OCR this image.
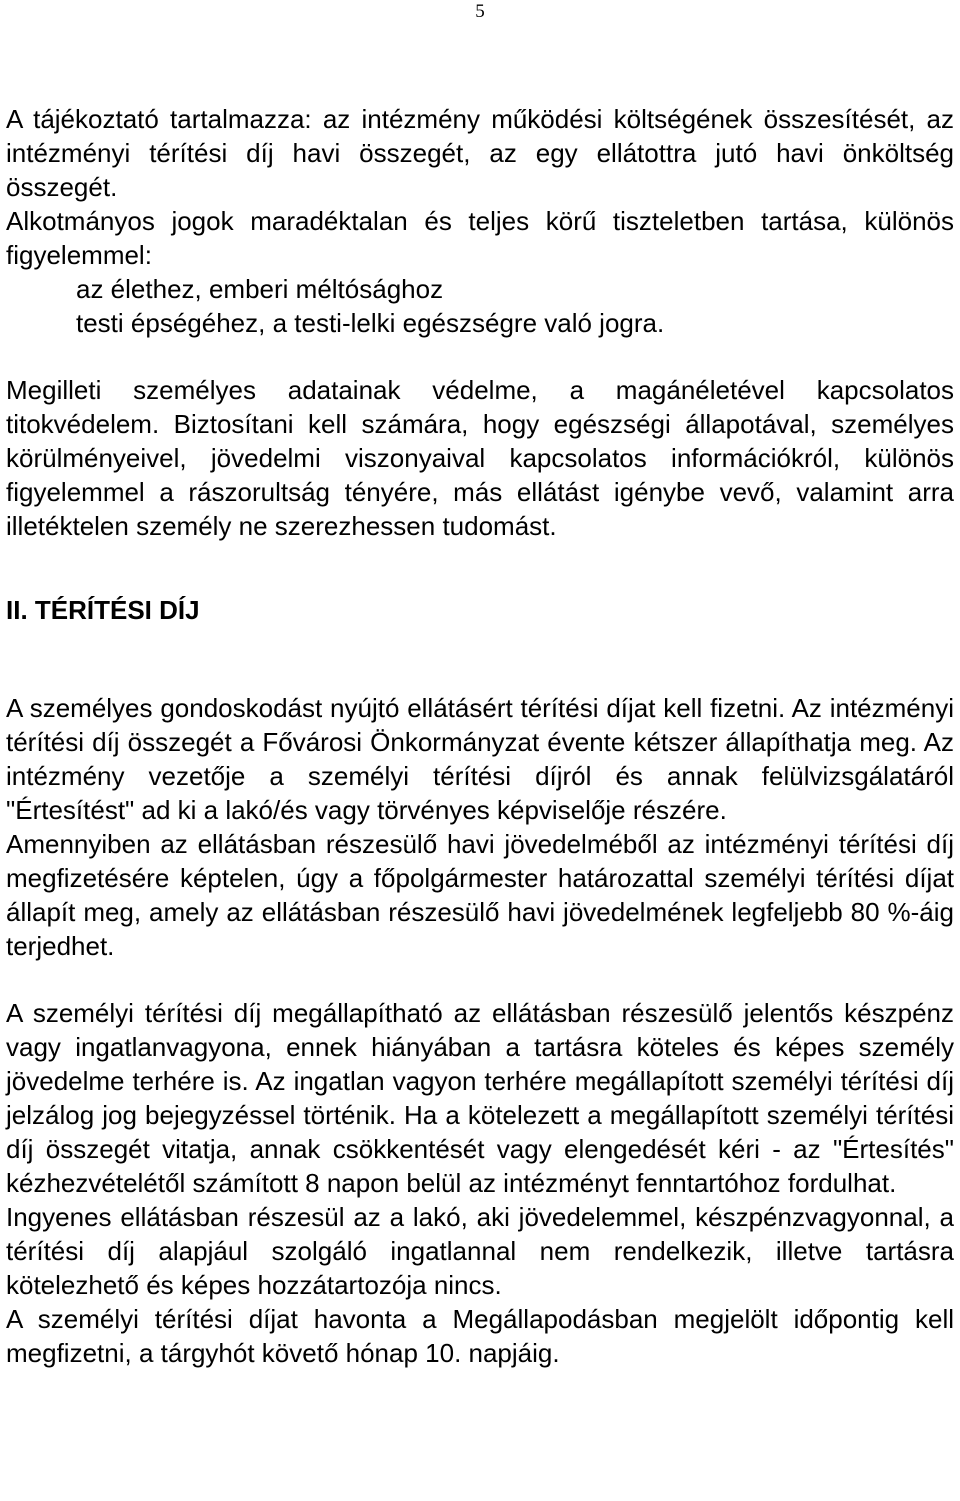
5

A tájékoztató tartalmazza: az intézmény működési költségének összesítését, az intézményi térítési díj havi összegét, az egy ellátottra jutó havi önköltség összegét.

Alkotmányos jogok maradéktalan és teljes körű tiszteletben tartása, különös figyelemmel:

az élethez, emberi méltósághoz

testi épségéhez, a testi-lelki egészségre való jogra.

Megilleti személyes adatainak védelme, a magánéletével kapcsolatos titokvédelem. Biztosítani kell számára, hogy egészségi állapotával, személyes körülményeivel, jövedelmi viszonyaival kapcsolatos információkról, különös figyelemmel a rászorultság tényére, más ellátást igénybe vevő, valamint arra illetéktelen személy ne szerezhessen tudomást.

II. TÉRÍTÉSI DÍJ

A személyes gondoskodást nyújtó ellátásért térítési díjat kell fizetni. Az intézményi térítési díj összegét a Fővárosi Önkormányzat évente kétszer állapíthatja meg. Az intézmény vezetője a személyi térítési díjról és annak felülvizsgálatáról "Értesítést" ad ki a lakó/és vagy törvényes képviselője részére.

Amennyiben az ellátásban részesülő havi jövedelméből az intézményi térítési díj megfizetésére képtelen, úgy a főpolgármester határozattal személyi térítési díjat állapít meg, amely az ellátásban részesülő havi jövedelmének legfeljebb 80 %-áig terjedhet.

A személyi térítési díj megállapítható az ellátásban részesülő jelentős készpénz vagy ingatlanvagyona, ennek hiányában a tartásra köteles és képes személy jövedelme terhére is. Az ingatlan vagyon terhére megállapított személyi térítési díj jelzálog jog bejegyzéssel történik. Ha a kötelezett a megállapított személyi térítési díj összegét vitatja, annak csökkentését vagy elengedését kéri - az "Értesítés" kézhezvételétől számított 8 napon belül az intézményt fenntartóhoz fordulhat.

Ingyenes ellátásban részesül az a lakó, aki jövedelemmel, készpénzvagyonnal, a térítési díj alapjául szolgáló ingatlannal nem rendelkezik, illetve tartásra kötelezhető és képes hozzátartozója nincs.

A személyi térítési díjat havonta a Megállapodásban megjelölt időpontig kell megfizetni, a tárgyhót követő hónap 10. napjáig.
